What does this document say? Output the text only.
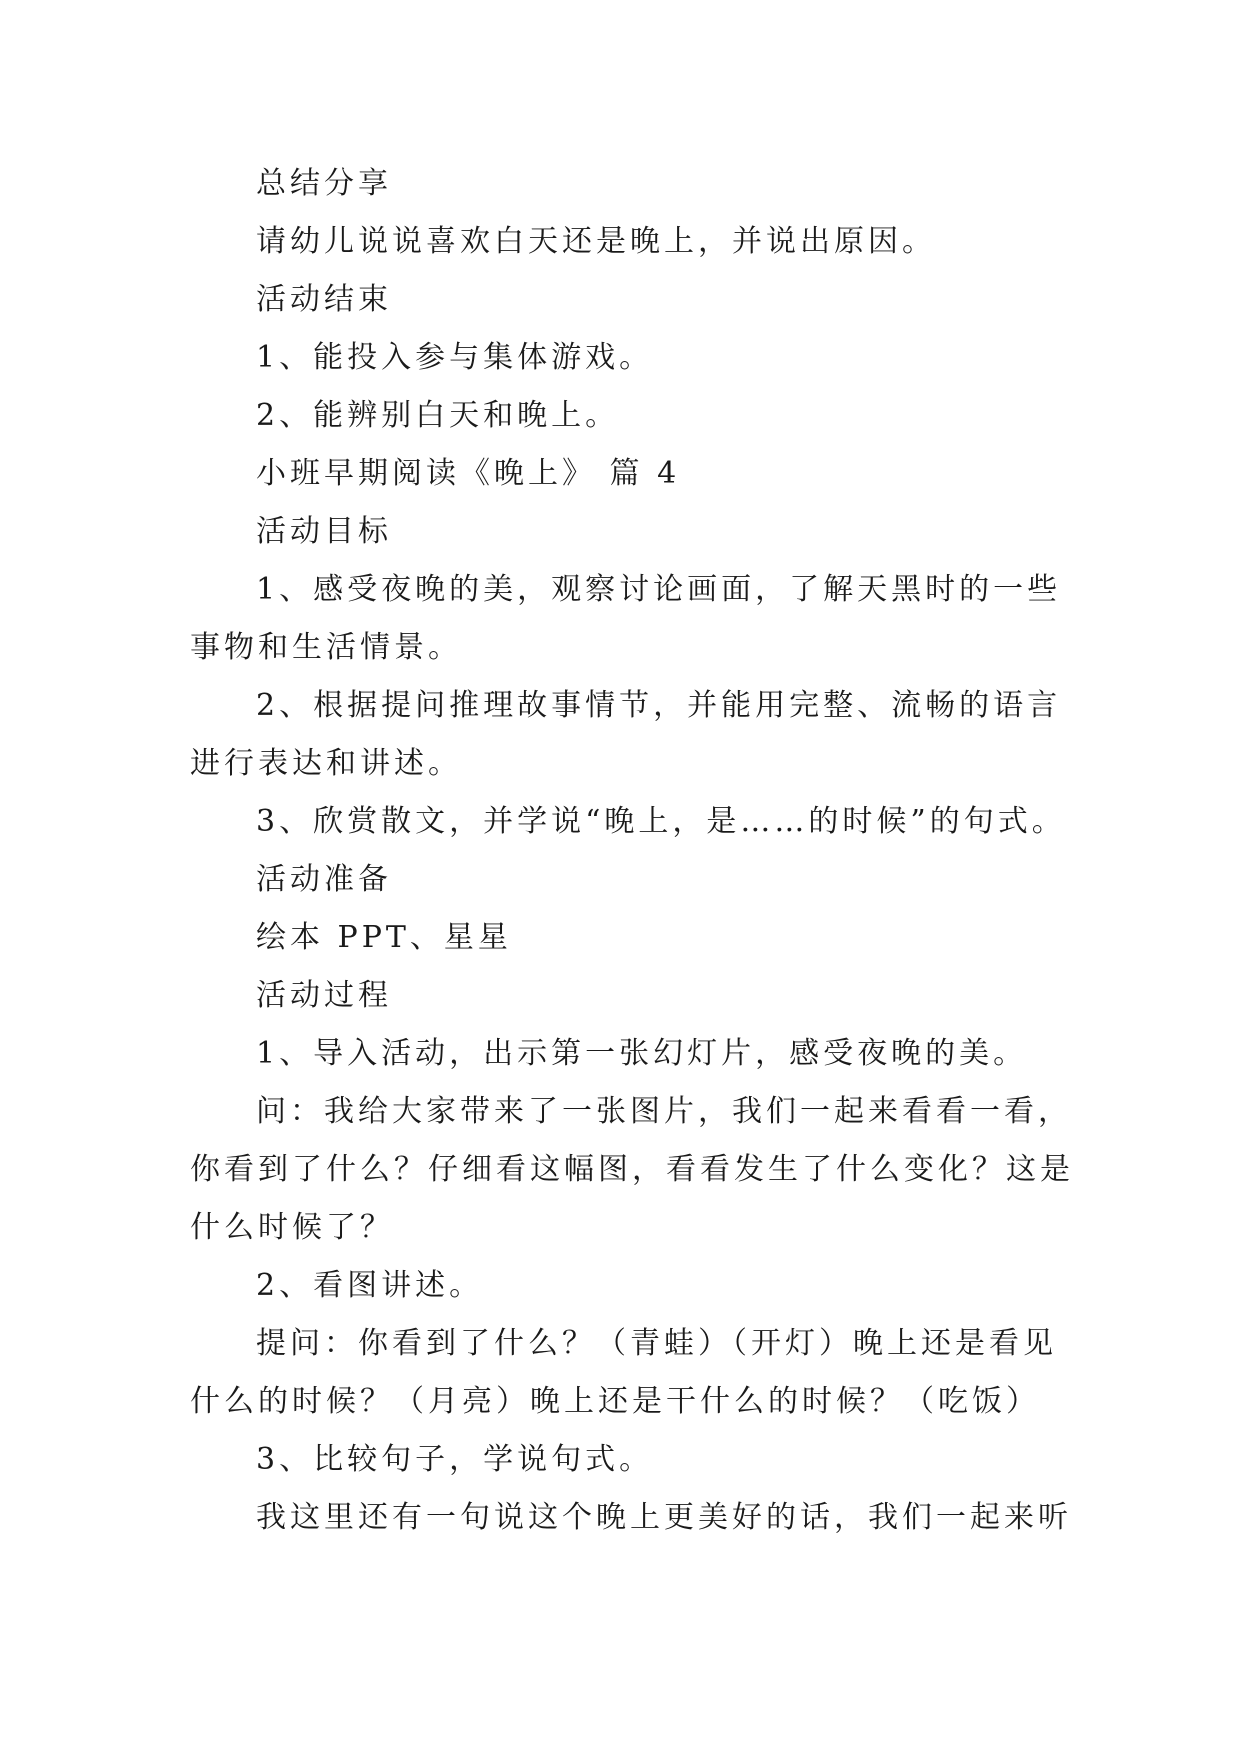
总结分享
请幼儿说说喜欢白天还是晚上，并说出原因。
活动结束
1、能投入参与集体游戏。
2、能辨别白天和晚上。
小班早期阅读《晚上》 篇 4
活动目标
1、感受夜晚的美，观察讨论画面，了解天黑时的一些
事物和生活情景。
2、根据提问推理故事情节，并能用完整、流畅的语言
进行表达和讲述。
3、欣赏散文，并学说“晚上，是……的时候”的句式。
活动准备
绘本 PPT、星星
活动过程
1、导入活动，出示第一张幻灯片，感受夜晚的美。
问：我给大家带来了一张图片，我们一起来看看一看，
你看到了什么？仔细看这幅图，看看发生了什么变化？这是
什么时候了？
2、看图讲述。
提问：你看到了什么？（青蛙）（开灯）晚上还是看见
什么的时候？（月亮）晚上还是干什么的时候？（吃饭）
3、比较句子，学说句式。
我这里还有一句说这个晚上更美好的话，我们一起来听
